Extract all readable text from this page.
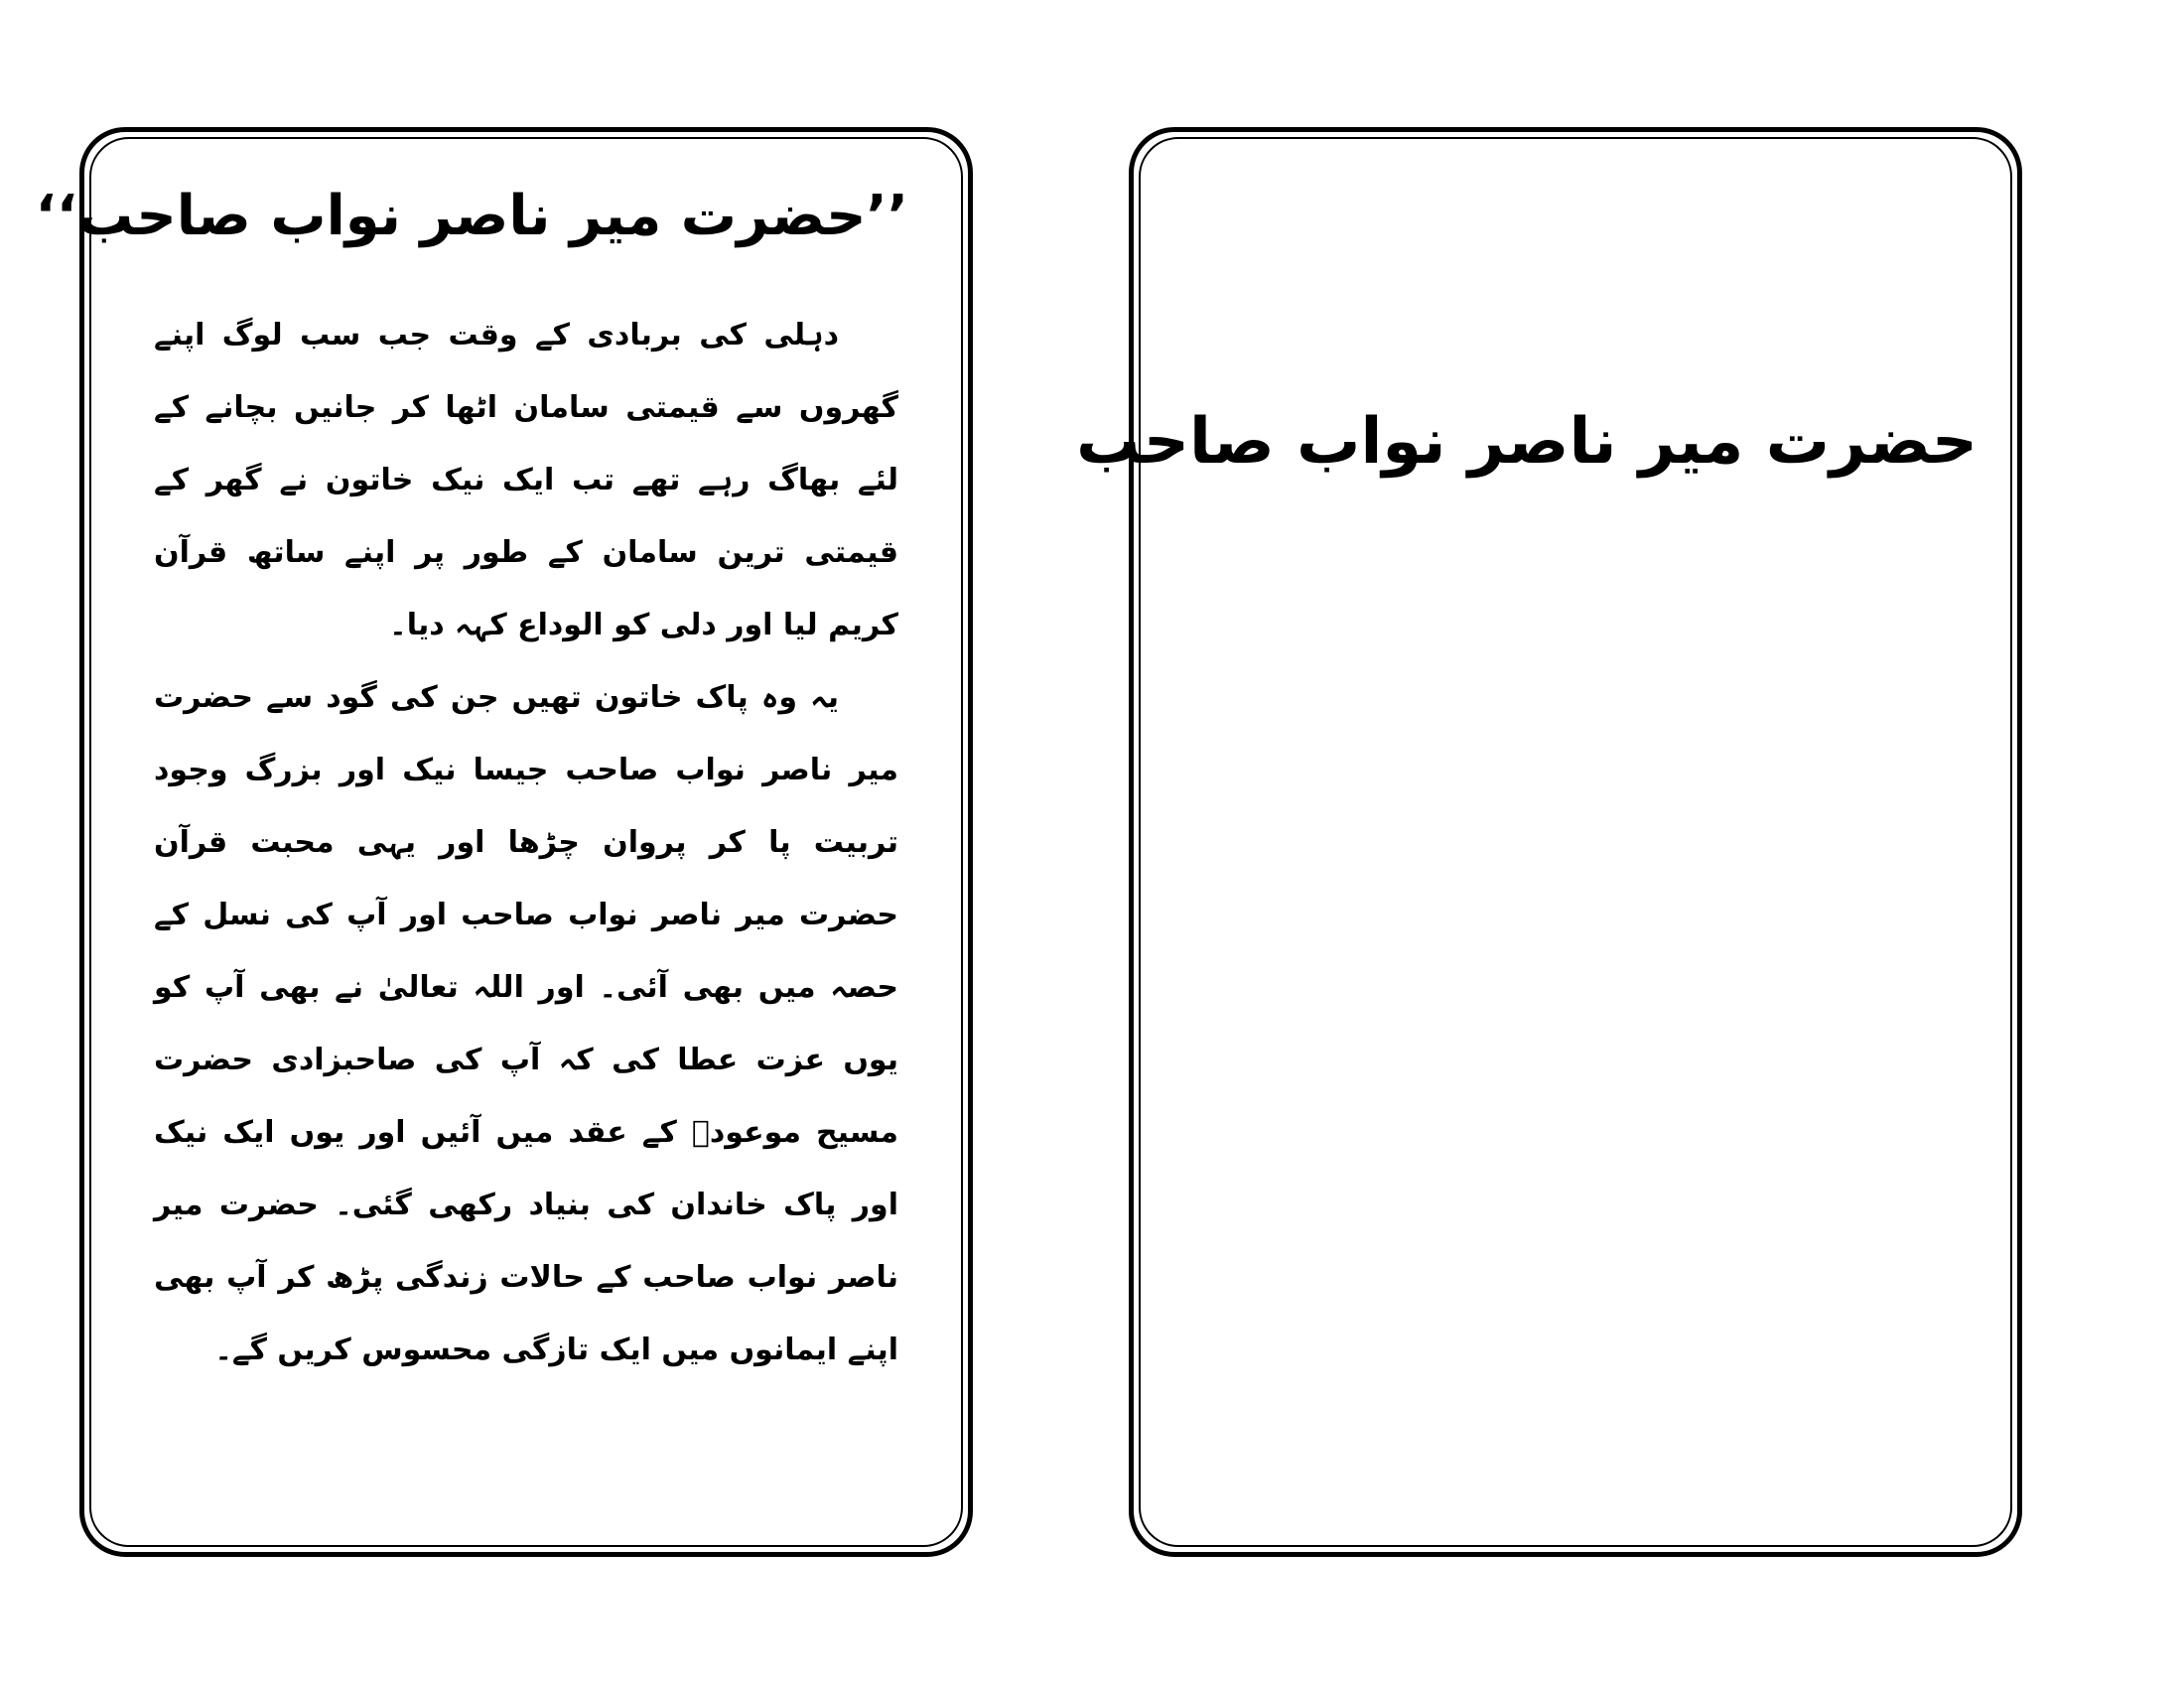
’’حضرت میر ناصر نواب صاحب‘‘

دہلی کی بربادی کے وقت جب سب لوگ اپنے گھروں سے قیمتی سامان اٹھا کر جانیں بچانے کے لئے بھاگ رہے تھے تب ایک نیک خاتون نے گھر کے قیمتی ترین سامان کے طور پر اپنے ساتھ قرآن کریم لیا اور دلی کو الوداع کہہ دیا۔

یہ وہ پاک خاتون تھیں جن کی گود سے حضرت میر ناصر نواب صاحب جیسا نیک اور بزرگ وجود تربیت پا کر پروان چڑھا اور یہی محبت قرآن حضرت میر ناصر نواب صاحب اور آپ کی نسل کے حصہ میں بھی آئی۔ اور اللہ تعالیٰ نے بھی آپ کو یوں عزت عطا کی کہ آپ کی صاحبزادی حضرت مسیح موعودؑ کے عقد میں آئیں اور یوں ایک نیک اور پاک خاندان کی بنیاد رکھی گئی۔ حضرت میر ناصر نواب صاحب کے حالات زندگی پڑھ کر آپ بھی اپنے ایمانوں میں ایک تازگی محسوس کریں گے۔

حضرت میر ناصر نواب صاحب
